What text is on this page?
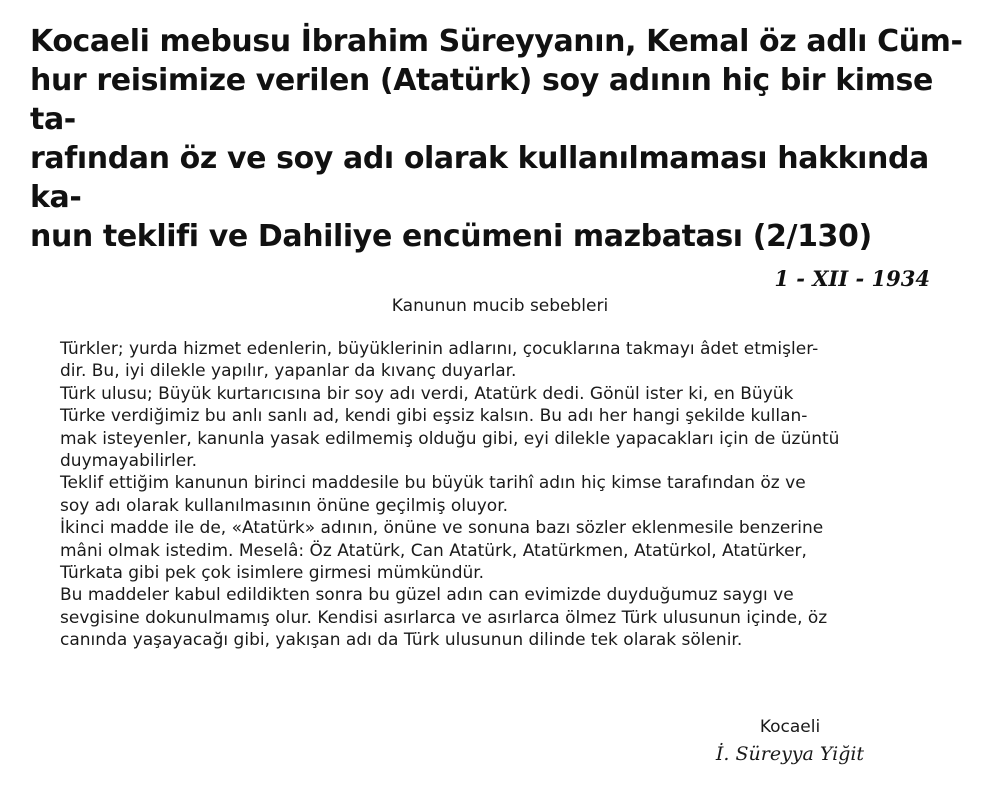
Kocaeli mebusu İbrahim Süreyyanın, Kemal öz adlı Cüm-
hur reisimize verilen (Atatürk) soy adının hiç bir kimse ta-
rafından öz ve soy adı olarak kullanılmaması hakkında ka-
nun teklifi ve Dahiliye encümeni mazbatası (2/130)
1 - XII - 1934
Kanunun mucib sebebleri

Türkler; yurda hizmet edenlerin, büyüklerinin adlarını, çocuklarına takmayı âdet etmişler-
dir. Bu, iyi dilekle yapılır, yapanlar da kıvanç duyarlar.

Türk ulusu; Büyük kurtarıcısına bir soy adı verdi, Atatürk dedi. Gönül ister ki, en Büyük
Türke verdiğimiz bu anlı sanlı ad, kendi gibi eşsiz kalsın. Bu adı her hangi şekilde kullan-
mak isteyenler, kanunla yasak edilmemiş olduğu gibi, eyi dilekle yapacakları için de üzüntü
duymayabilirler.

Teklif ettiğim kanunun birinci maddesile bu büyük tarihî adın hiç kimse tarafından öz ve
soy adı olarak kullanılmasının önüne geçilmiş oluyor.

İkinci madde ile de, «Atatürk» adının, önüne ve sonuna bazı sözler eklenmesile benzerine
mâni olmak istedim. Meselâ: Öz Atatürk, Can Atatürk, Atatürkmen, Atatürkol, Atatürker,
Türkata gibi pek çok isimlere girmesi mümkündür.

Bu maddeler kabul edildikten sonra bu güzel adın can evimizde duyduğumuz saygı ve
sevgisine dokunulmamış olur. Kendisi asırlarca ve asırlarca ölmez Türk ulusunun içinde, öz
canında yaşayacağı gibi, yakışan adı da Türk ulusunun dilinde tek olarak sölenir.

Kocaeli
İ. Süreyya Yiğit
